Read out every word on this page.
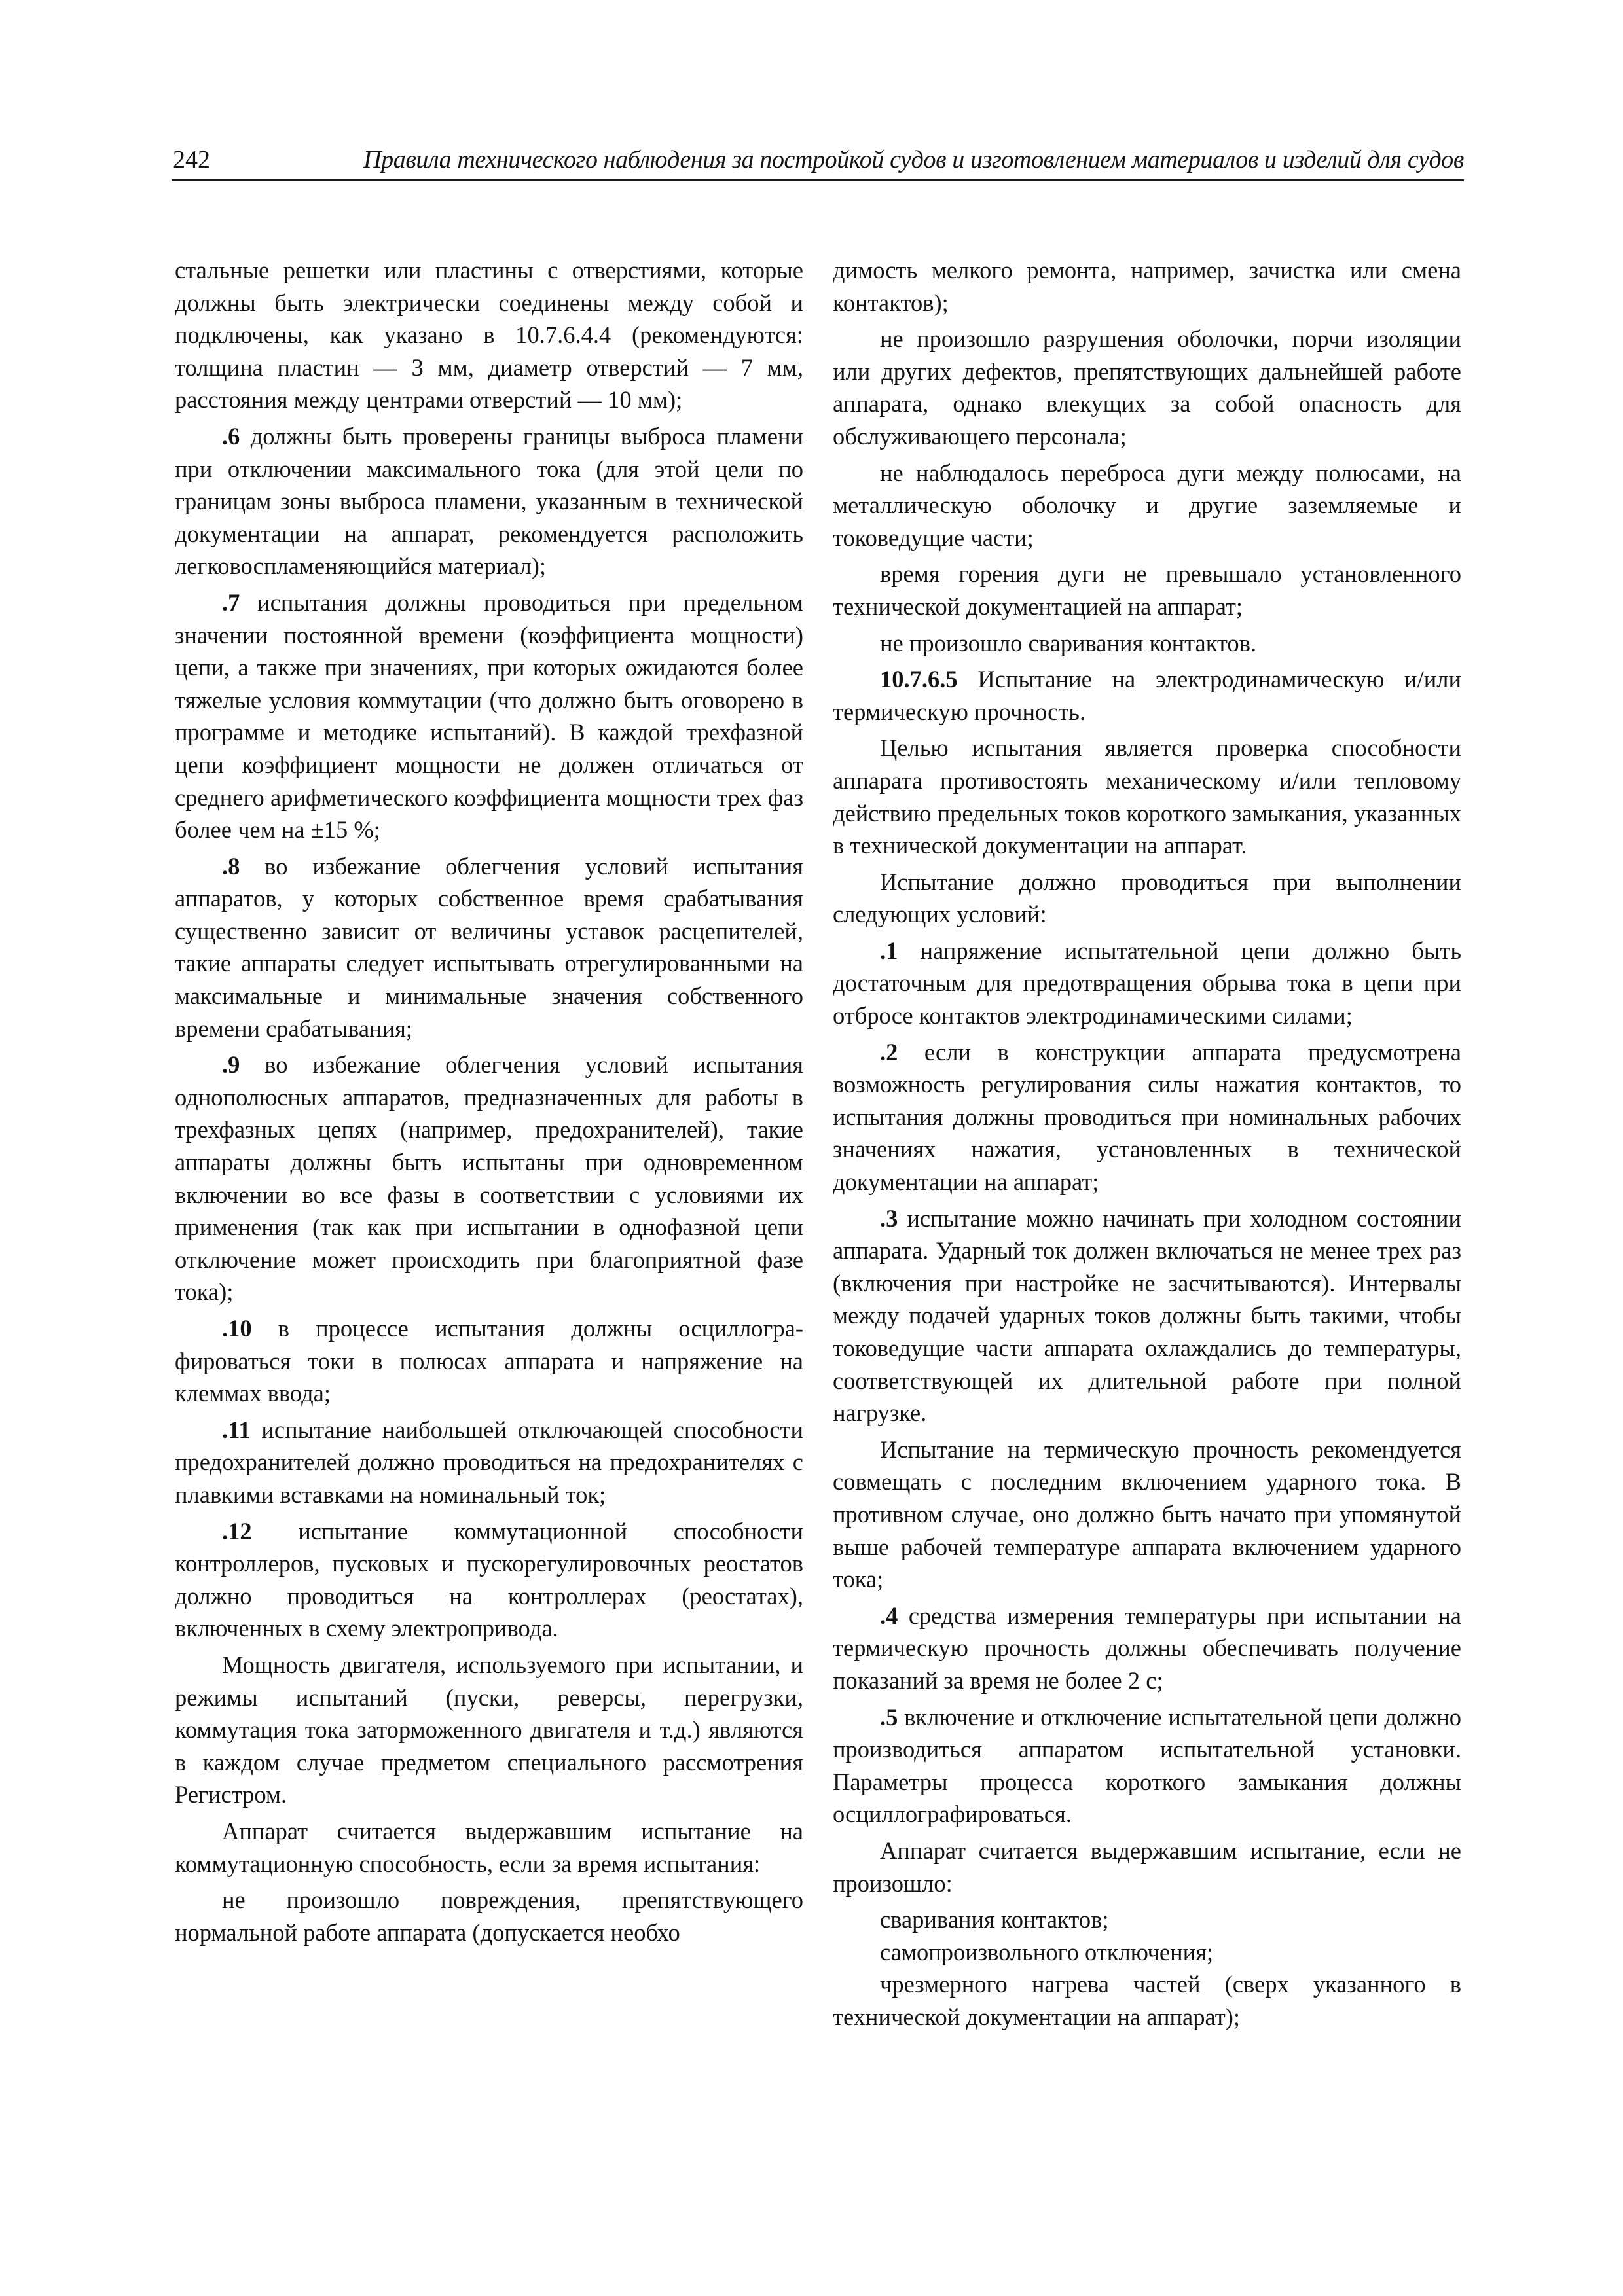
242	Правила технического наблюдения за постройкой судов и изготовлением материалов и изделий для судов

стальные решетки или пластины с отверстиями, которые должны быть электрически соединены между собой и подключены, как указано в 10.7.6.4.4 (рекомендуются: толщина пластин — 3 мм, диаметр отверстий — 7 мм, расстояния между центрами отверстий — 10 мм);

.6 должны быть проверены границы выброса пламени при отключении максимального тока (для этой цели по границам зоны выброса пламени, указанным в технической документации на аппарат, рекомендуется расположить легковоспламеняющийся материал);

.7 испытания должны проводиться при предельном значении постоянной времени (коэффициента мощности) цепи, а также при значениях, при которых ожидаются более тяжелые условия коммутации (что должно быть оговорено в программе и методике испытаний). В каждой трехфазной цепи коэффициент мощности не должен отличаться от среднего арифметического коэффициента мощности трех фаз более чем на ±15 %;

.8 во избежание облегчения условий испытания аппаратов, у которых собственное время срабатывания существенно зависит от величины уставок расцепителей, такие аппараты следует испытывать отрегулированными на максимальные и минимальные значения собственного времени срабатывания;

.9 во избежание облегчения условий испытания однополюсных аппаратов, предназначенных для работы в трехфазных цепях (например, предохранителей), такие аппараты должны быть испытаны при одновременном включении во все фазы в соответствии с условиями их применения (так как при испытании в однофазной цепи отключение может происходить при благоприятной фазе тока);

.10 в процессе испытания должны осциллографироваться токи в полюсах аппарата и напряжение на клеммах ввода;

.11 испытание наибольшей отключающей способности предохранителей должно проводиться на предохранителях с плавкими вставками на номинальный ток;

.12 испытание коммутационной способности контроллеров, пусковых и пускорегулировочных реостатов должно проводиться на контроллерах (реостатах), включенных в схему электропривода.

Мощность двигателя, используемого при испытании, и режимы испытаний (пуски, реверсы, перегрузки, коммутация тока заторможенного двигателя и т.д.) являются в каждом случае предметом специального рассмотрения Регистром.

Аппарат считается выдержавшим испытание на коммутационную способность, если за время испытания:

не произошло повреждения, препятствующего нормальной работе аппарата (допускается необхо

димость мелкого ремонта, например, зачистка или смена контактов);

не произошло разрушения оболочки, порчи изоляции или других дефектов, препятствующих дальнейшей работе аппарата, однако влекущих за собой опасность для обслуживающего персонала;

не наблюдалось переброса дуги между полюсами, на металлическую оболочку и другие заземляемые и токоведущие части;

время горения дуги не превышало установленного технической документацией на аппарат;

не произошло сваривания контактов.

10.7.6.5 Испытание на электродинамическую и/или термическую прочность.

Целью испытания является проверка способности аппарата противостоять механическому и/или тепловому действию предельных токов короткого замыкания, указанных в технической документации на аппарат.

Испытание должно проводиться при выполнении следующих условий:

.1 напряжение испытательной цепи должно быть достаточным для предотвращения обрыва тока в цепи при отбросе контактов электродинамическими силами;

.2 если в конструкции аппарата предусмотрена возможность регулирования силы нажатия контактов, то испытания должны проводиться при номинальных рабочих значениях нажатия, установленных в технической документации на аппарат;

.3 испытание можно начинать при холодном состоянии аппарата. Ударный ток должен включаться не менее трех раз (включения при настройке не засчитываются). Интервалы между подачей ударных токов должны быть такими, чтобы токоведущие части аппарата охлаждались до температуры, соответствующей их длительной работе при полной нагрузке.

Испытание на термическую прочность рекомендуется совмещать с последним включением ударного тока. В противном случае, оно должно быть начато при упомянутой выше рабочей температуре аппарата включением ударного тока;

.4 средства измерения температуры при испытании на термическую прочность должны обеспечивать получение показаний за время не более 2 с;

.5 включение и отключение испытательной цепи должно производиться аппаратом испытательной установки. Параметры процесса короткого замыкания должны осциллографироваться.

Аппарат считается выдержавшим испытание, если не произошло:

сваривания контактов;

самопроизвольного отключения;

чрезмерного нагрева частей (сверх указанного в технической документации на аппарат);
